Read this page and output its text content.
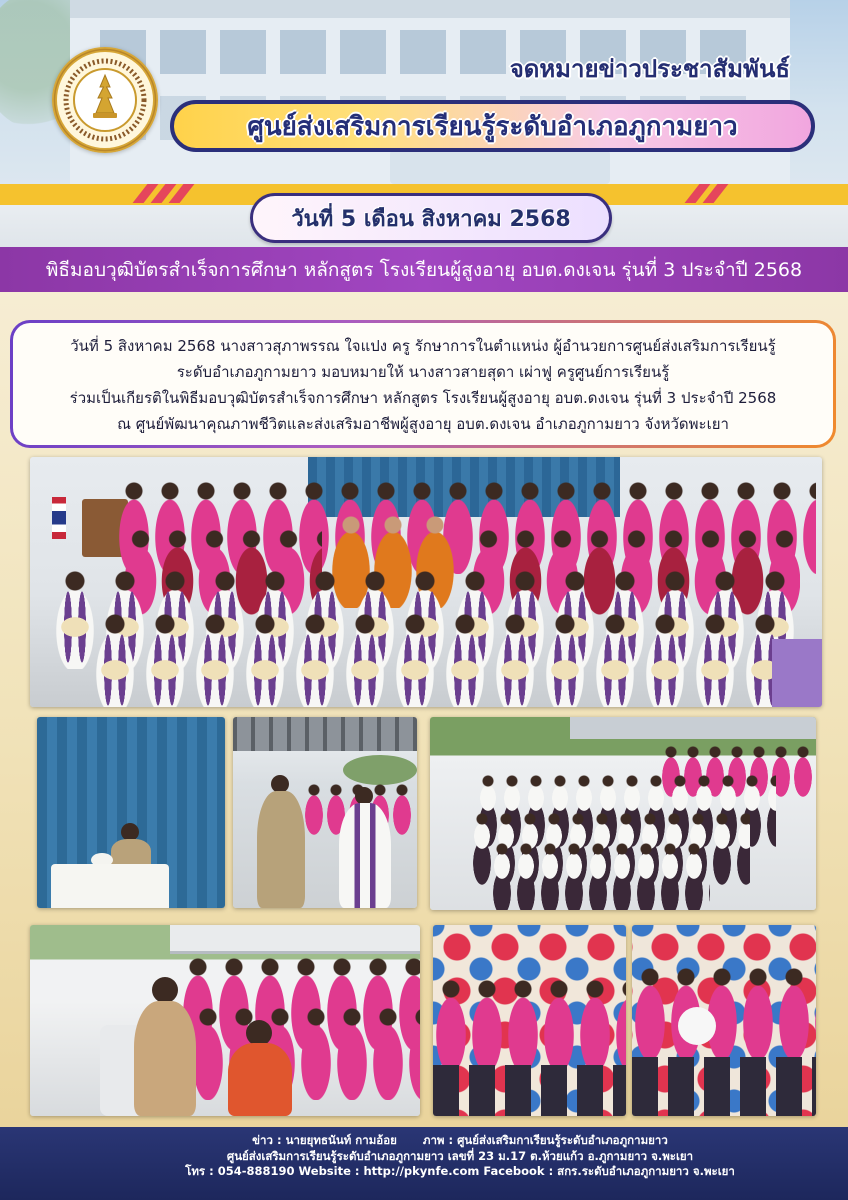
จดหมายข่าวประชาสัมพันธ์
ศูนย์ส่งเสริมการเรียนรู้ระดับอำเภอภูกามยาว
วันที่ 5 เดือน สิงหาคม 2568
พิธีมอบวุฒิบัตรสำเร็จการศึกษา หลักสูตร โรงเรียนผู้สูงอายุ อบต.ดงเจน รุ่นที่ 3 ประจำปี 2568
วันที่ 5 สิงหาคม 2568 นางสาวสุภาพรรณ ใจแปง ครู รักษาการในตำแหน่ง ผู้อำนวยการศูนย์ส่งเสริมการเรียนรู้
ระดับอำเภอภูกามยาว มอบหมายให้ นางสาวสายสุดา เผ่าฟู ครูศูนย์การเรียนรู้
ร่วมเป็นเกียรติในพิธีมอบวุฒิบัตรสำเร็จการศึกษา หลักสูตร โรงเรียนผู้สูงอายุ อบต.ดงเจน รุ่นที่ 3 ประจำปี 2568
ณ ศูนย์พัฒนาคุณภาพชีวิตและส่งเสริมอาชีพผู้สูงอายุ อบต.ดงเจน อำเภอภูกามยาว จังหวัดพะเยา
ข่าว : นายยุทธนันท์ กามอ้อย ภาพ : ศูนย์ส่งเสริมกาเรียนรู้ระดับอำเภอภูกามยาว
ศูนย์ส่งเสริมการเรียนรู้ระดับอำเภอภูกามยาว เลขที่ 23 ม.17 ต.ห้วยแก้ว อ.ภูกามยาว จ.พะเยา
โทร : 054-888190 Website : http://pkynfe.com Facebook : สกร.ระดับอำเภอภูกามยาว จ.พะเยา
